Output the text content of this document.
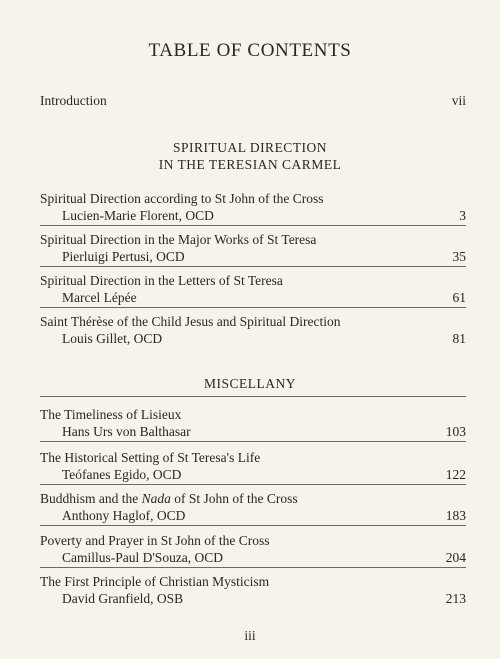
TABLE OF CONTENTS
Introduction	vii
SPIRITUAL DIRECTION
IN THE TERESIAN CARMEL
Spiritual Direction according to St John of the Cross
Lucien-Marie Florent, OCD	3
Spiritual Direction in the Major Works of St Teresa
Pierluigi Pertusi, OCD	35
Spiritual Direction in the Letters of St Teresa
Marcel Lépée	61
Saint Thérèse of the Child Jesus and Spiritual Direction
Louis Gillet, OCD	81
MISCELLANY
The Timeliness of Lisieux
Hans Urs von Balthasar	103
The Historical Setting of St Teresa's Life
Teófanes Egido, OCD	122
Buddhism and the Nada of St John of the Cross
Anthony Haglof, OCD	183
Poverty and Prayer in St John of the Cross
Camillus-Paul D'Souza, OCD	204
The First Principle of Christian Mysticism
David Granfield, OSB	213
iii
